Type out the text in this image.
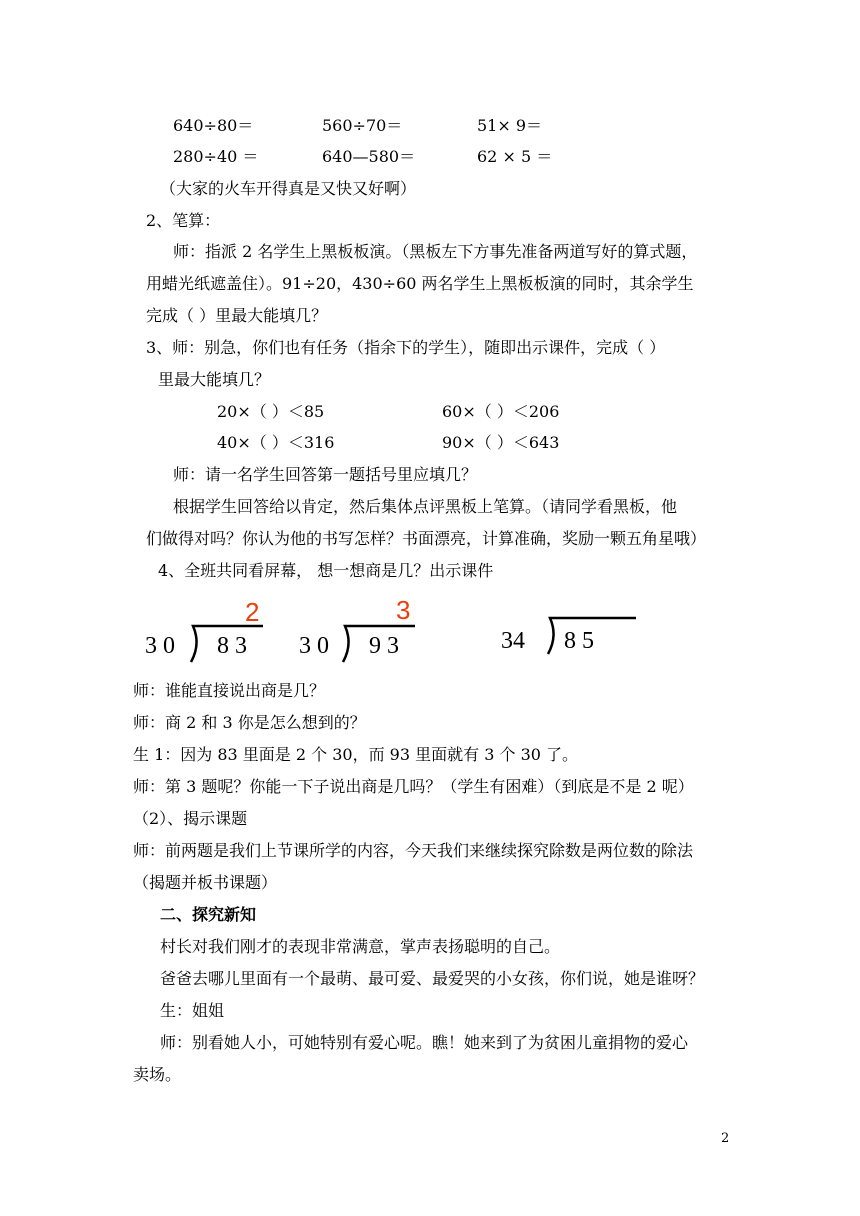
640÷80＝	560÷70＝	51× 9＝
280÷40 ＝	640—580＝	62 × 5 ＝
（大家的火车开得真是又快又好啊）
2、笔算：
师：指派 2 名学生上黑板板演。（黑板左下方事先准备两道写好的算式题，
用蜡光纸遮盖住）。91÷20，430÷60 两名学生上黑板板演的同时，其余学生
完成（ ）里最大能填几？
3、师：别急，你们也有任务（指余下的学生），随即出示课件，完成（ ）
里最大能填几？
20×（ ）＜85	60×（ ）＜206
40×（ ）＜316	90×（ ）＜643
师：请一名学生回答第一题括号里应填几？
根据学生回答给以肯定，然后集体点评黑板上笔算。（请同学看黑板，他
们做得对吗？你认为他的书写怎样？书面漂亮，计算准确，奖励一颗五角星哦）
4、全班共同看屏幕， 想一想商是几？出示课件
2
3 0 8 3
3
3 0 9 3	34 8 5
师：谁能直接说出商是几？
师：商 2 和 3 你是怎么想到的？
生 1：因为 83 里面是 2 个 30，而 93 里面就有 3 个 30 了。
师：第 3 题呢？你能一下子说出商是几吗？（学生有困难）（到底是不是 2 呢）
（2）、揭示课题
师：前两题是我们上节课所学的内容，今天我们来继续探究除数是两位数的除法
（揭题并板书课题）
二、探究新知
村长对我们刚才的表现非常满意，掌声表扬聪明的自己。
爸爸去哪儿里面有一个最萌、最可爱、最爱哭的小女孩，你们说，她是谁呀？
生：姐姐
师：别看她人小，可她特别有爱心呢。瞧！她来到了为贫困儿童捐物的爱心
卖场。
2
